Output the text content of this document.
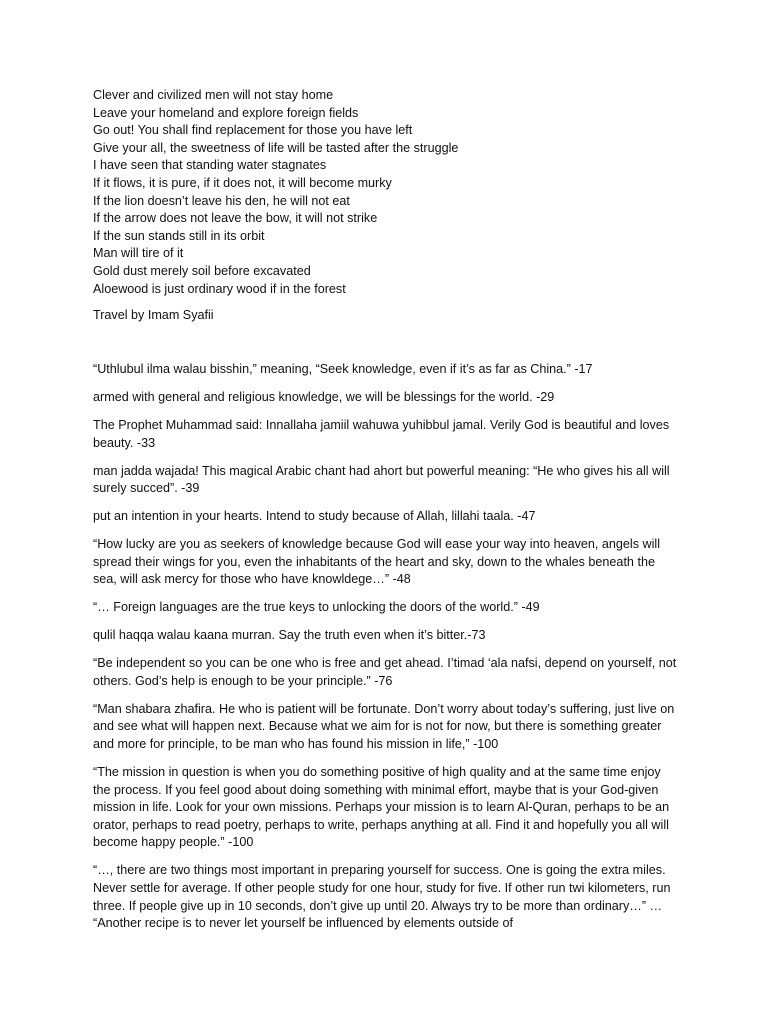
Clever and civilized men will not stay home
Leave your homeland and explore foreign fields
Go out! You shall find replacement for those you have left
Give your all, the sweetness of life will be tasted after the struggle
I have seen that standing water stagnates
If it flows, it is pure, if it does not, it will become murky
If the lion doesn’t leave his den, he will not eat
If the arrow does not leave the bow, it will not strike
If the sun stands still in its orbit
Man will tire of it
Gold dust merely soil before excavated
Aloewood is just ordinary wood if in the forest
Travel by Imam Syafii

“Uthlubul ilma walau bisshin,” meaning, “Seek knowledge, even if it’s as far as China.” -17

armed with general and religious knowledge, we will be blessings for the world. -29

The Prophet Muhammad said: Innallaha jamiil wahuwa yuhibbul jamal. Verily God is beautiful and loves beauty. -33

man jadda wajada! This magical Arabic chant had ahort but powerful meaning: “He who gives his all will surely succed”. -39

put an intention in your hearts. Intend to study because of Allah, lillahi taala. -47

“How lucky are you as seekers of knowledge because God will ease your way into heaven, angels will spread their wings for you, even the inhabitants of the heart and sky, down to the whales beneath the sea, will ask mercy for those who have knowldege…” -48

“… Foreign languages are the true keys to unlocking the doors of the world.” -49

qulil haqqa walau kaana murran. Say the truth even when it’s bitter.-73

“Be independent so you can be one who is free and get ahead. I’timad ‘ala nafsi, depend on yourself, not others. God’s help is enough to be your principle.” -76

“Man shabara zhafira. He who is patient will be fortunate. Don’t worry about today’s suffering, just live on and see what will happen next. Because what we aim for is not for now, but there is something greater and more for principle, to be man who has found his mission in life,” -100

“The mission in question is when you do something positive of high quality and at the same time enjoy the process. If you feel good about doing something with minimal effort, maybe that is your God-given mission in life. Look for your own missions. Perhaps your mission is to learn Al-Quran, perhaps to be an orator, perhaps to read poetry, perhaps to write, perhaps anything at all. Find it and hopefully you all will become happy people.” -100

“…, there are two things most important in preparing yourself for success. One is going the extra miles. Never settle for average. If other people study for one hour, study for five. If other run twi kilometers, run three. If people give up in 10 seconds, don’t give up until 20. Always try to be more than ordinary…” … “Another recipe is to never let yourself be influenced by elements outside of
